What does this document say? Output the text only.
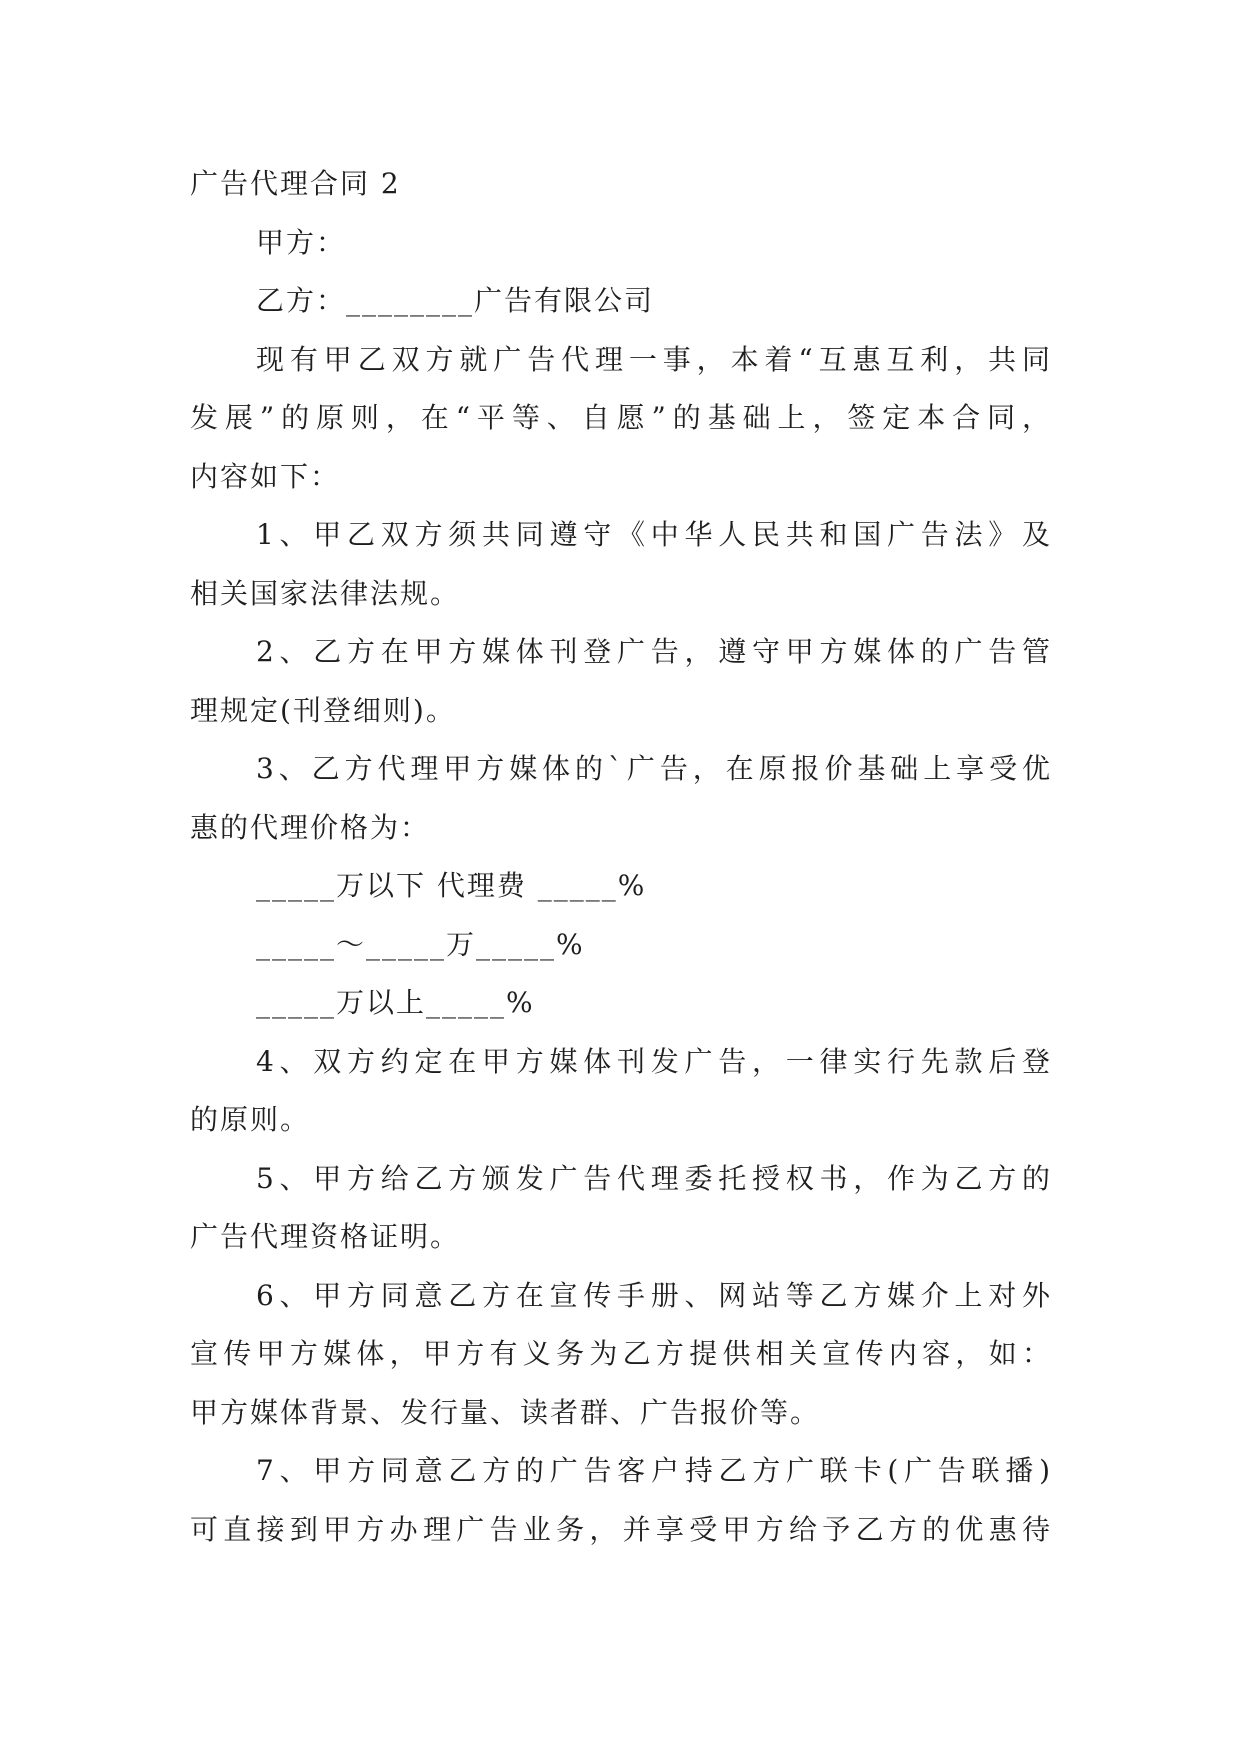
广告代理合同 2
甲方：
乙方：________广告有限公司
现有甲乙双方就广告代理一事，本着“互惠互利，共同
发展”的原则，在“平等、自愿”的基础上，签定本合同，
内容如下：
1、甲乙双方须共同遵守《中华人民共和国广告法》及
相关国家法律法规。
2、乙方在甲方媒体刊登广告，遵守甲方媒体的广告管
理规定(刊登细则)。
3、乙方代理甲方媒体的`广告，在原报价基础上享受优
惠的代理价格为：
_____万以下 代理费 _____%
_____～_____万_____%
_____万以上_____%
4、双方约定在甲方媒体刊发广告，一律实行先款后登
的原则。
5、甲方给乙方颁发广告代理委托授权书，作为乙方的
广告代理资格证明。
6、甲方同意乙方在宣传手册、网站等乙方媒介上对外
宣传甲方媒体，甲方有义务为乙方提供相关宣传内容，如：
甲方媒体背景、发行量、读者群、广告报价等。
7、甲方同意乙方的广告客户持乙方广联卡(广告联播)
可直接到甲方办理广告业务，并享受甲方给予乙方的优惠待
